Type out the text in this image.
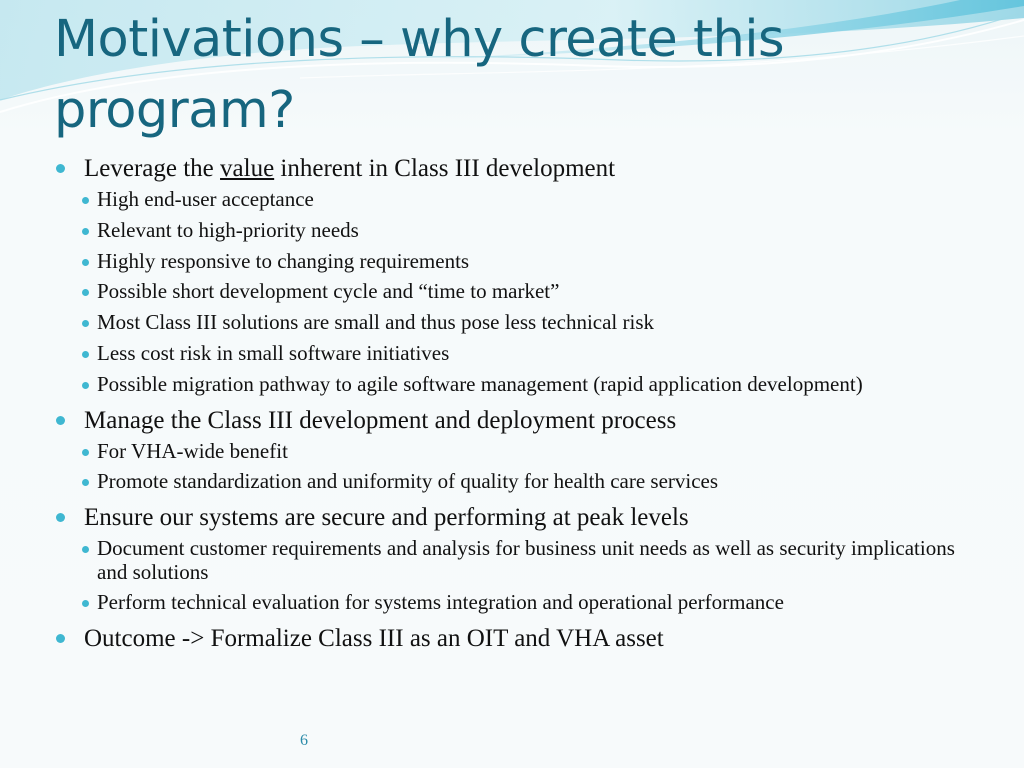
Motivations – why create this program?
Leverage the value inherent in Class III development
High end-user acceptance
Relevant to high-priority needs
Highly responsive to changing requirements
Possible short development cycle and “time to market”
Most Class III solutions are small and thus pose less technical risk
Less cost risk in small software initiatives
Possible migration pathway to agile software management (rapid application development)
Manage the Class III development and deployment process
For VHA-wide benefit
Promote standardization and uniformity of quality for health care services
Ensure our systems are secure and performing at peak levels
Document customer requirements and analysis for business unit needs as well as security implications and solutions
Perform technical evaluation for systems integration and operational performance
Outcome -> Formalize Class III as an OIT and VHA asset
6
